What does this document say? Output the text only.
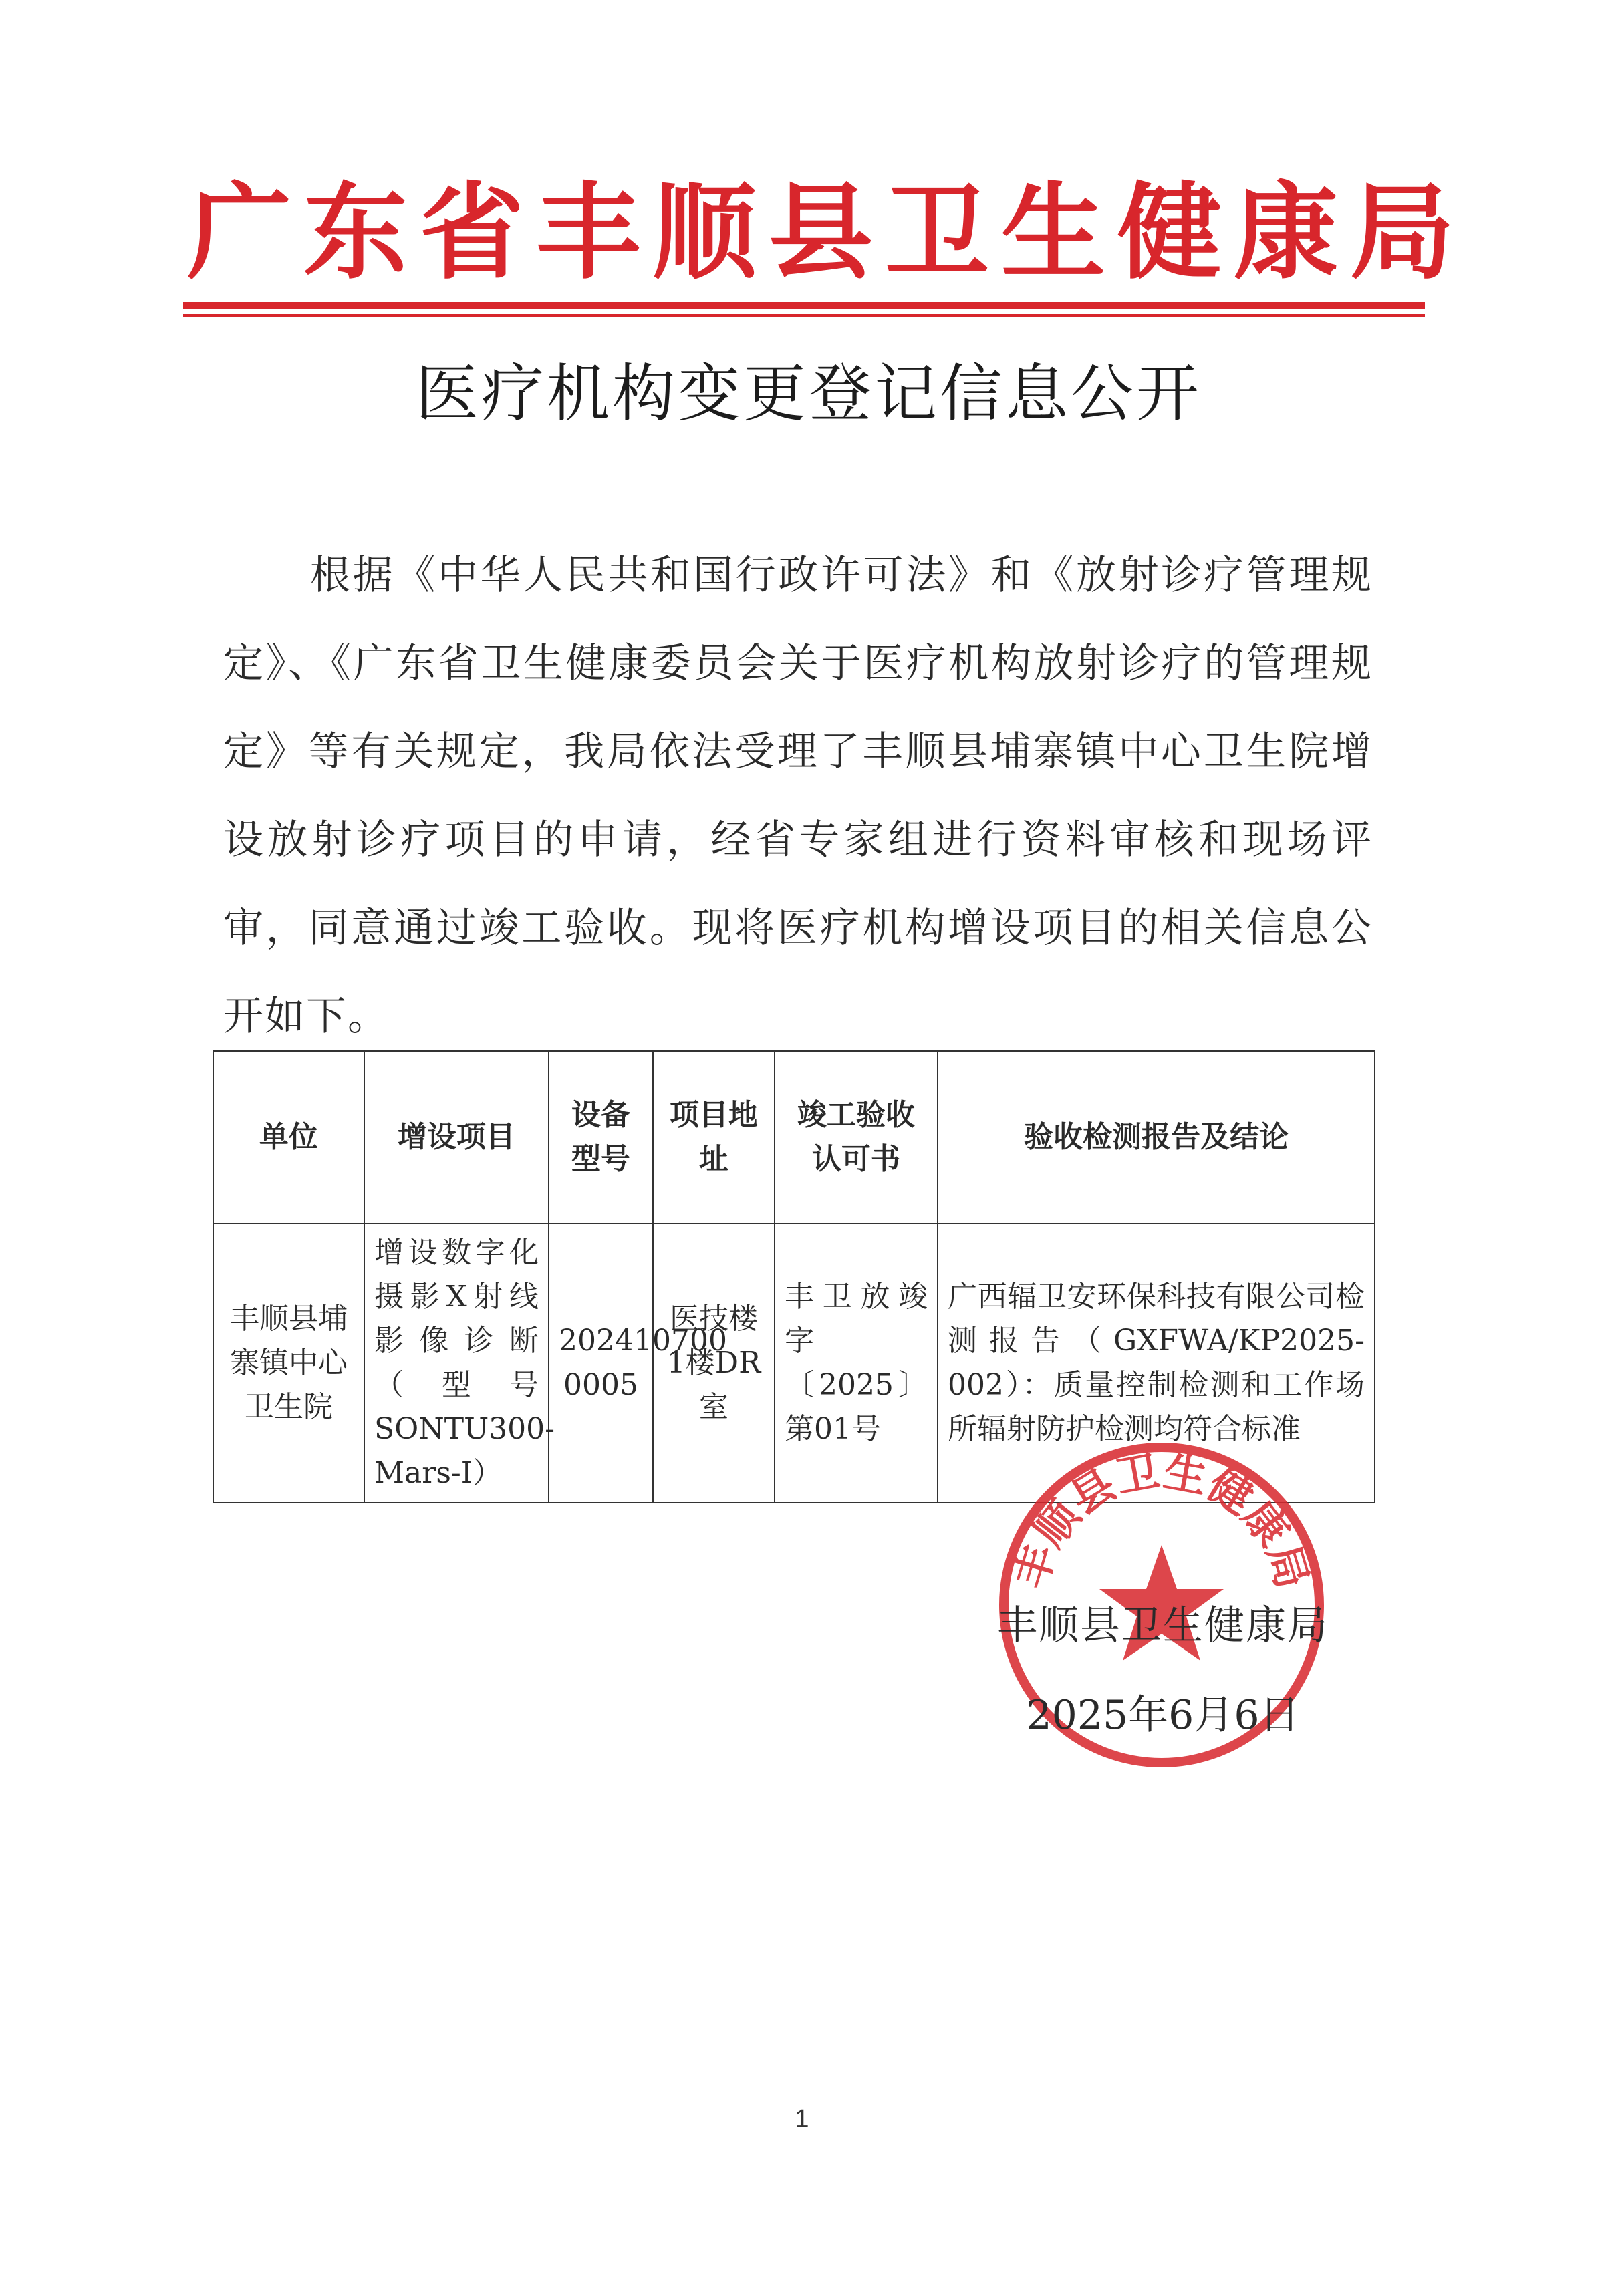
广东省丰顺县卫生健康局
医疗机构变更登记信息公开

根据《中华人民共和国行政许可法》和《放射诊疗管理规定》、《广东省卫生健康委员会关于医疗机构放射诊疗的管理规定》等有关规定，我局依法受理了丰顺县埔寨镇中心卫生院增设放射诊疗项目的申请，经省专家组进行资料审核和现场评审，同意通过竣工验收。现将医疗机构增设项目的相关信息公开如下。

单位	增设项目	设备型号	项目地址	竣工验收认可书	验收检测报告及结论
丰顺县埔寨镇中心卫生院	增设数字化摄影X射线影像诊断（型号SONTU300-Mars-I）	202410700 0005	医技楼1楼DR室	丰卫放竣字〔2025〕第01号	广西辐卫安环保科技有限公司检测报告（GXFWA/KP2025-002）：质量控制检测和工作场所辐射防护检测均符合标准
丰顺县卫生健康局
丰顺县卫生健康局
2025年6月6日
1
